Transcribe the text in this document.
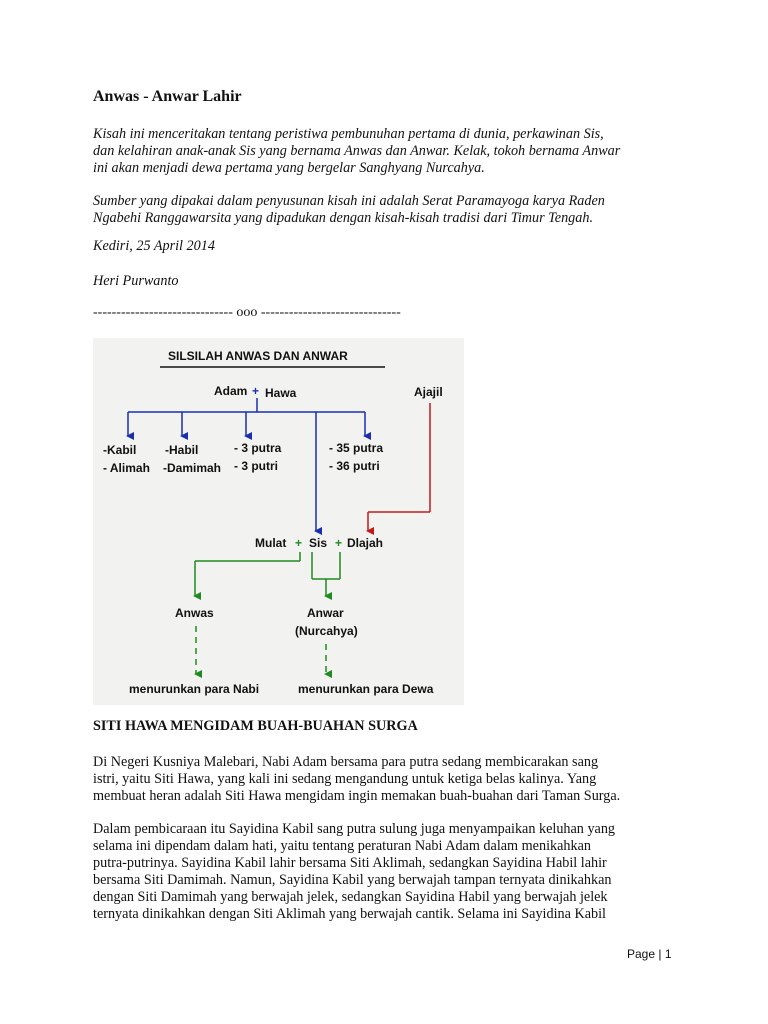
Anwas - Anwar Lahir
Kisah ini menceritakan tentang peristiwa pembunuhan pertama di dunia, perkawinan Sis,
dan kelahiran anak-anak Sis yang bernama Anwas dan Anwar. Kelak, tokoh bernama Anwar
ini akan menjadi dewa pertama yang bergelar Sanghyang Nurcahya.
Sumber yang dipakai dalam penyusunan kisah ini adalah Serat Paramayoga karya Raden
Ngabehi Ranggawarsita yang dipadukan dengan kisah-kisah tradisi dari Timur Tengah.
Kediri, 25 April 2014
Heri Purwanto
------------------------------ ooo ------------------------------
SILSILAH ANWAS DAN ANWAR
Adam + Hawa	Ajajil
-Kabil
- Alimah
-Habil
-Damimah
- 3 putra
- 3 putri
- 35 putra
- 36 putri
Mulat + Sis + Dlajah
Anwas	Anwar
(Nurcahya)
menurunkan para Nabi	menurunkan para Dewa
SITI HAWA MENGIDAM BUAH-BUAHAN SURGA
Di Negeri Kusniya Malebari, Nabi Adam bersama para putra sedang membicarakan sang
istri, yaitu Siti Hawa, yang kali ini sedang mengandung untuk ketiga belas kalinya. Yang
membuat heran adalah Siti Hawa mengidam ingin memakan buah-buahan dari Taman Surga.
Dalam pembicaraan itu Sayidina Kabil sang putra sulung juga menyampaikan keluhan yang
selama ini dipendam dalam hati, yaitu tentang peraturan Nabi Adam dalam menikahkan
putra-putrinya. Sayidina Kabil lahir bersama Siti Aklimah, sedangkan Sayidina Habil lahir
bersama Siti Damimah. Namun, Sayidina Kabil yang berwajah tampan ternyata dinikahkan
dengan Siti Damimah yang berwajah jelek, sedangkan Sayidina Habil yang berwajah jelek
ternyata dinikahkan dengan Siti Aklimah yang berwajah cantik. Selama ini Sayidina Kabil
Page | 1
